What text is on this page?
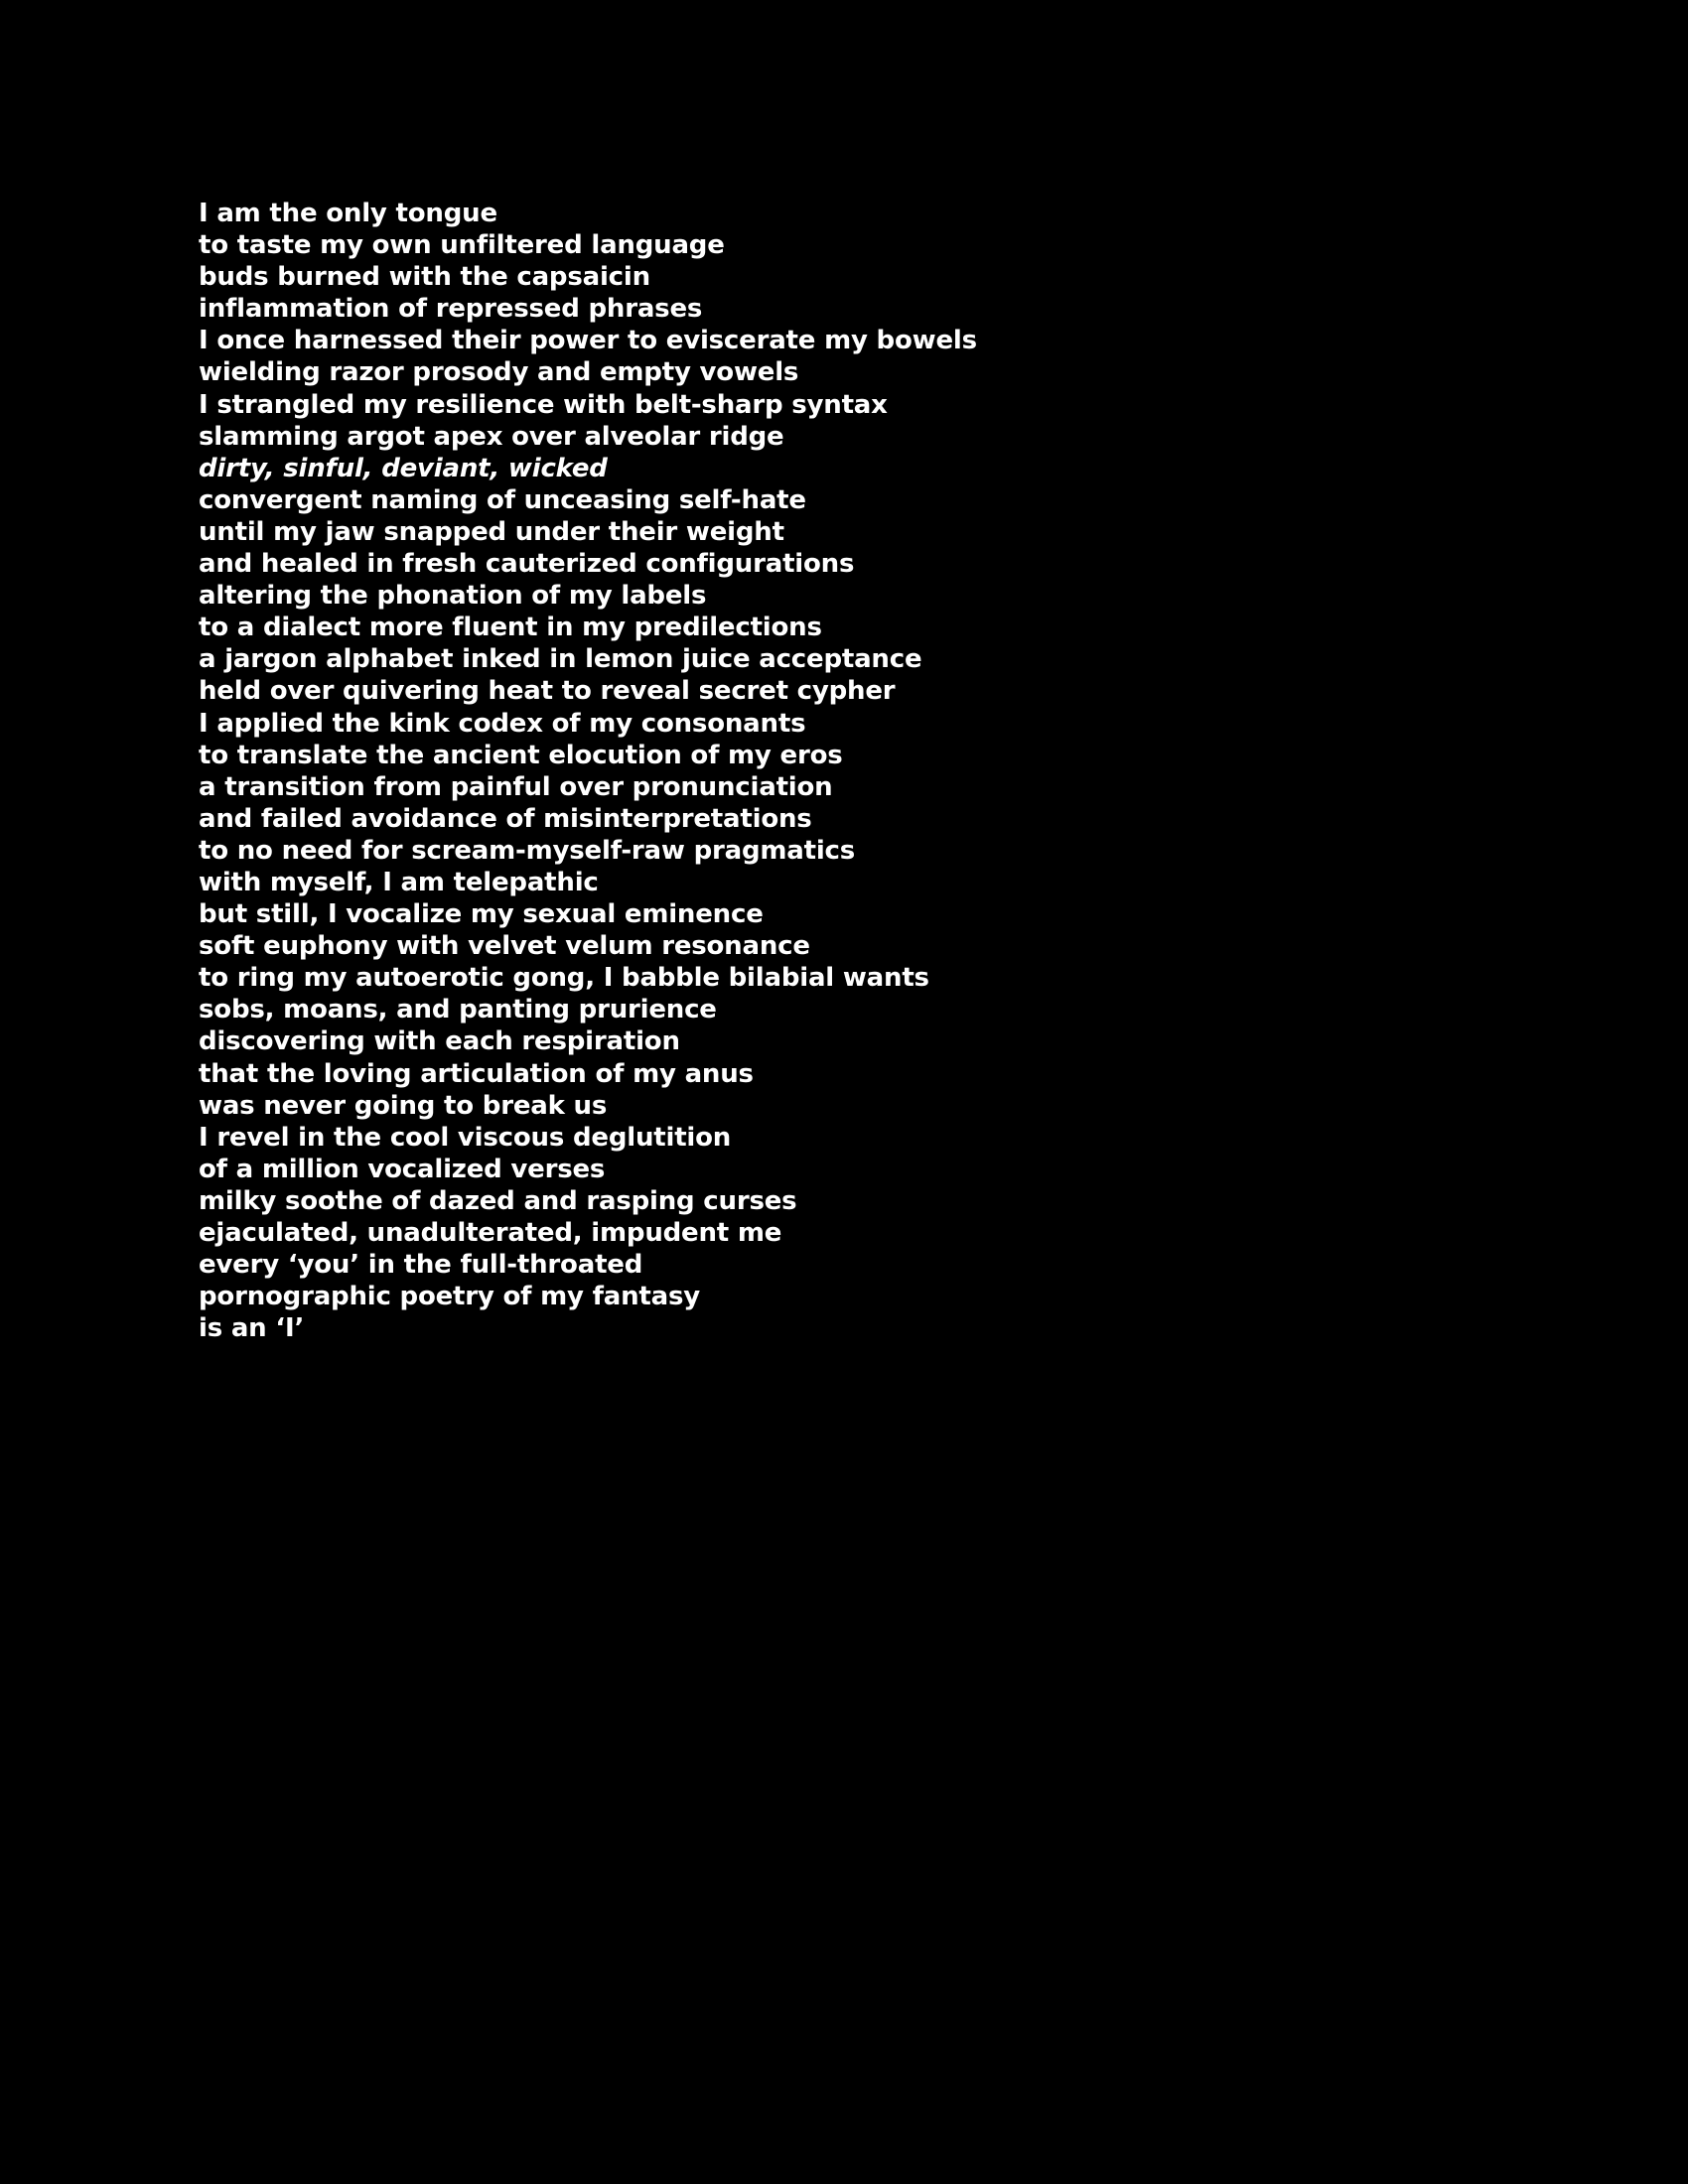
I am the only tongue
to taste my own unfiltered language
buds burned with the capsaicin
inflammation of repressed phrases
I once harnessed their power to eviscerate my bowels
wielding razor prosody and empty vowels
I strangled my resilience with belt-sharp syntax
slamming argot apex over alveolar ridge
dirty, sinful, deviant, wicked
convergent naming of unceasing self-hate
until my jaw snapped under their weight
and healed in fresh cauterized configurations
altering the phonation of my labels
to a dialect more fluent in my predilections
a jargon alphabet inked in lemon juice acceptance
held over quivering heat to reveal secret cypher
I applied the kink codex of my consonants
to translate the ancient elocution of my eros
a transition from painful over pronunciation
and failed avoidance of misinterpretations
to no need for scream-myself-raw pragmatics
with myself, I am telepathic
but still, I vocalize my sexual eminence
soft euphony with velvet velum resonance
to ring my autoerotic gong, I babble bilabial wants
sobs, moans, and panting prurience
discovering with each respiration
that the loving articulation of my anus
was never going to break us
I revel in the cool viscous deglutition
of a million vocalized verses
milky soothe of dazed and rasping curses
ejaculated, unadulterated, impudent me
every ‘you’ in the full-throated
pornographic poetry of my fantasy
is an ‘I’
